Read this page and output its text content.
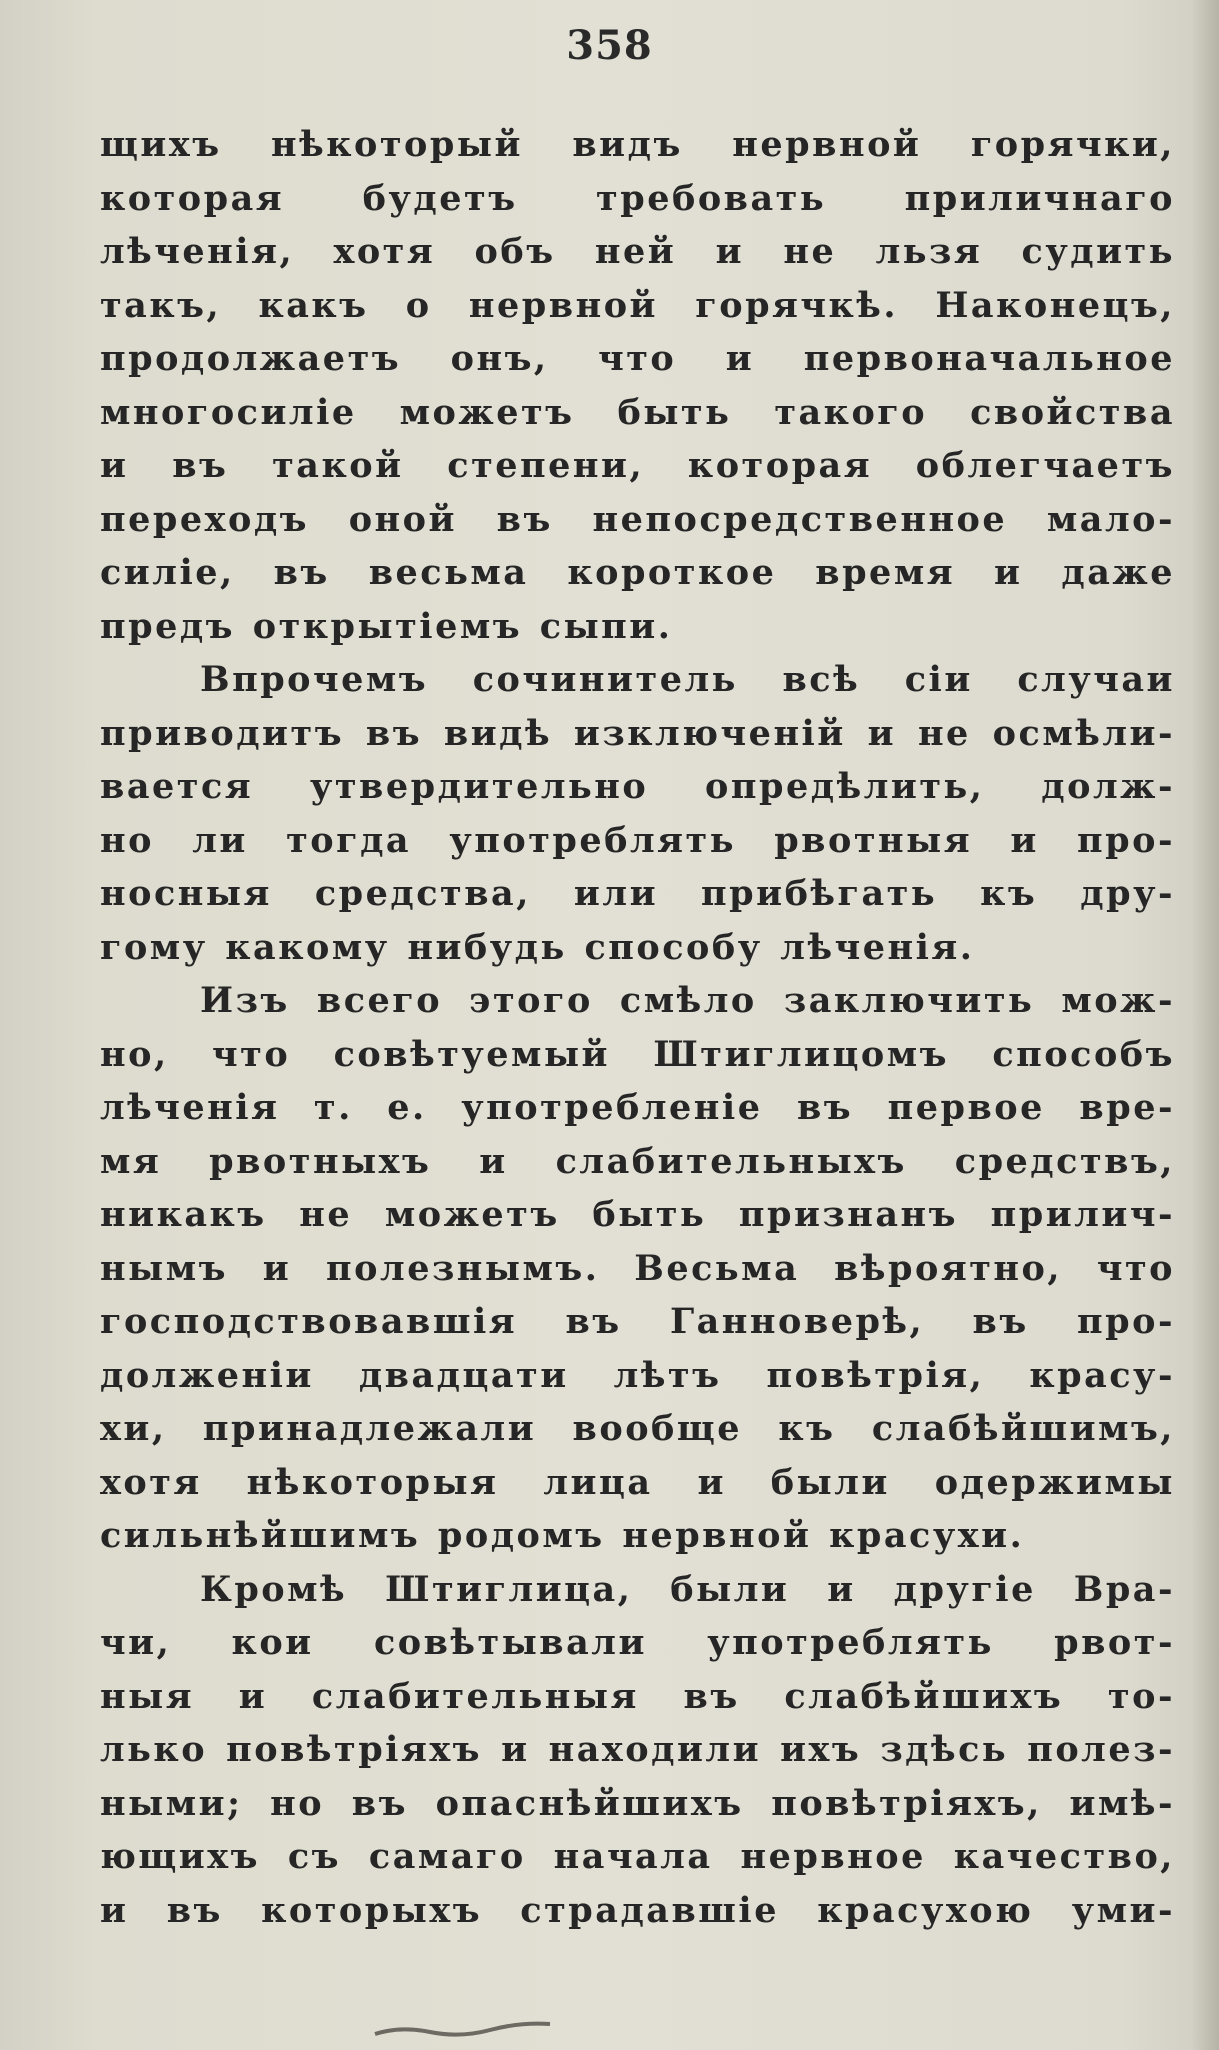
358
щихъ нѣкоторый видъ нервной горячки,
которая будетъ требовать приличнаго
лѣченія, хотя объ ней и не льзя судить
такъ, какъ о нервной горячкѣ. Наконецъ,
продолжаетъ онъ, что и первоначальное
многосиліе можетъ быть такого свойства
и въ такой степени, которая облегчаетъ
переходъ оной въ непосредственное мало-
силіе, въ весьма короткое время и даже
предъ открытіемъ сыпи.
Впрочемъ сочинитель всѣ сіи случаи
приводитъ въ видѣ изключеній и не осмѣли-
вается утвердительно опредѣлить, долж-
но ли тогда употреблять рвотныя и про-
носныя средства, или прибѣгать къ дру-
гому какому нибудь способу лѣченія.
Изъ всего этого смѣло заключить мож-
но, что совѣтуемый Штиглицомъ способъ
лѣченія т. е. употребленіе въ первое вре-
мя рвотныхъ и слабительныхъ средствъ,
никакъ не можетъ быть признанъ прилич-
нымъ и полезнымъ. Весьма вѣроятно, что
господствовавшія въ Ганноверѣ, въ про-
долженіи двадцати лѣтъ повѣтрія, красу-
хи, принадлежали вообще къ слабѣйшимъ,
хотя нѣкоторыя лица и были одержимы
сильнѣйшимъ родомъ нервной красухи.
Кромѣ Штиглица, были и другіе Вра-
чи, кои совѣтывали употреблять рвот-
ныя и слабительныя въ слабѣйшихъ то-
лько повѣтріяхъ и находили ихъ здѣсь полез-
ными; но въ опаснѣйшихъ повѣтріяхъ, имѣ-
ющихъ съ самаго начала нервное качество,
и въ которыхъ страдавшіе красухою уми-
